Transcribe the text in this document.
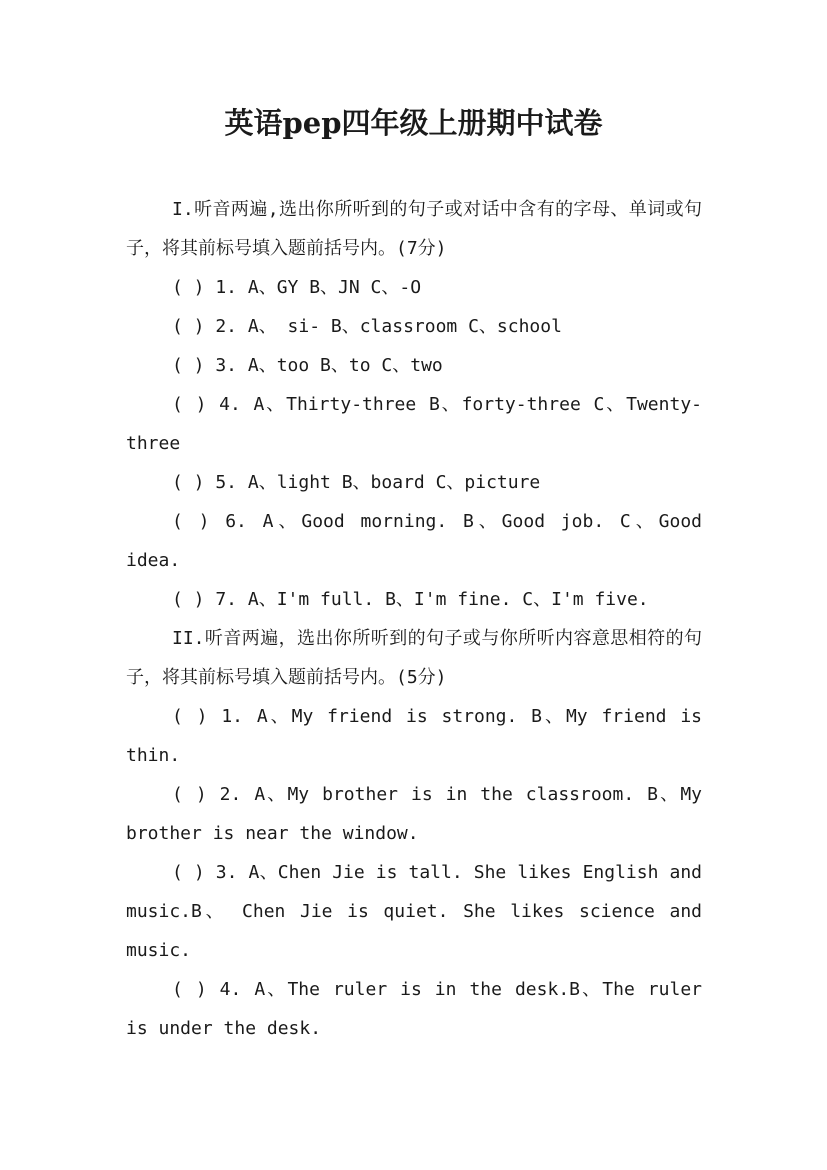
英语pep四年级上册期中试卷

I.听音两遍,选出你所听到的句子或对话中含有的字母、单词或句子，将其前标号填入题前括号内。(7分)

( ) 1. A、GY B、JN C、-O

( ) 2. A、 si- B、classroom C、school

( ) 3. A、too B、to C、two

( ) 4. A、Thirty-three B、forty-three C、Twenty-three

( ) 5. A、light B、board C、picture

( ) 6. A、Good morning. B、Good job. C、Good idea.

( ) 7. A、I'm full. B、I'm fine. C、I'm five.

II.听音两遍，选出你所听到的句子或与你所听内容意思相符的句子，将其前标号填入题前括号内。(5分)

( ) 1. A、My friend is strong. B、My friend is thin.

( ) 2. A、My brother is in the classroom. B、My brother is near the window.

( ) 3. A、Chen Jie is tall. She likes English and music.B、 Chen Jie is quiet. She likes science and music.

( ) 4. A、The ruler is in the desk.B、The ruler is under the desk.
